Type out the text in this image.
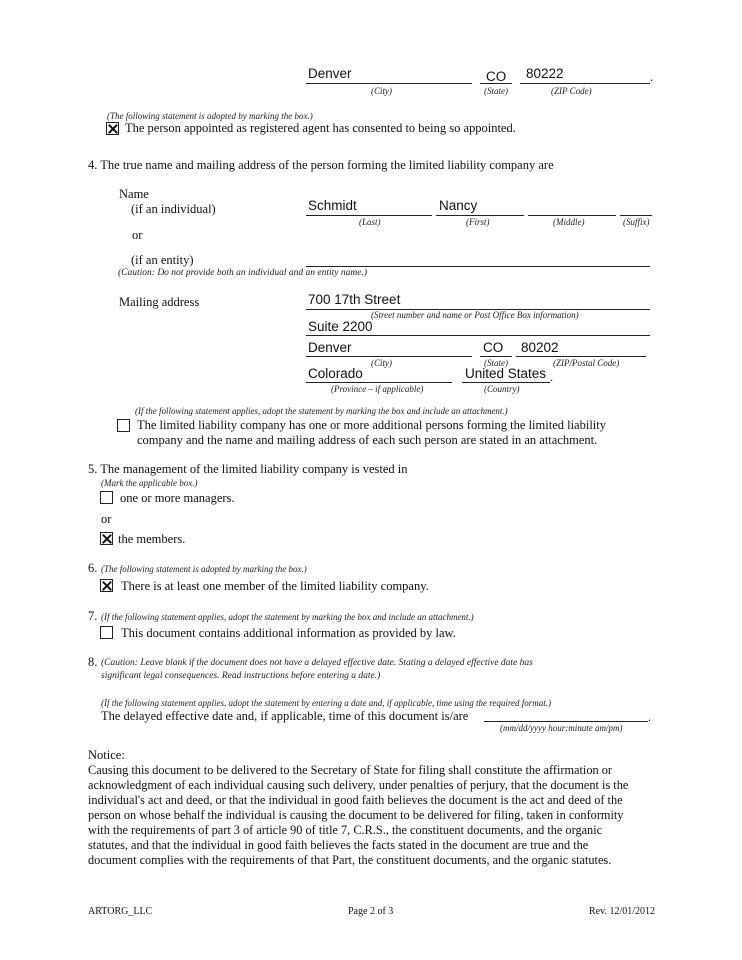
Denver	CO 80222	.
(City)	(State)	(ZIP Code)
(The following statement is adopted by marking the box.)
The person appointed as registered agent has consented to being so appointed.
4. The true name and mailing address of the person forming the limited liability company are
Name
(if an individual)	Schmidt	Nancy
(Last)	(First)	(Middle)	(Suffix)
or
(if an entity)
(Caution: Do not provide both an individual and an entity name.)
Mailing address	700 17th Street
(Street number and name or Post Office Box information)
Suite 2200
Denver	CO 80202
(City)	(State)	(ZIP/Postal Code)
Colorado	United States .
(Province – if applicable)	(Country)
(If the following statement applies, adopt the statement by marking the box and include an attachment.)
The limited liability company has one or more additional persons forming the limited liability
company and the name and mailing address of each such person are stated in an attachment.
5. The management of the limited liability company is vested in
(Mark the applicable box.)
one or more managers.
or
the members.
6. (The following statement is adopted by marking the box.)
There is at least one member of the limited liability company.
7. (If the following statement applies, adopt the statement by marking the box and include an attachment.)
This document contains additional information as provided by law.
8. (Caution: Leave blank if the document does not have a delayed effective date. Stating a delayed effective date has
significant legal consequences. Read instructions before entering a date.)
(If the following statement applies, adopt the statement by entering a date and, if applicable, time using the required format.)
The delayed effective date and, if applicable, time of this document is/are	.
(mm/dd/yyyy hour:minute am/pm)
Notice:

Causing this document to be delivered to the Secretary of State for filing shall constitute the affirmation or

acknowledgment of each individual causing such delivery, under penalties of perjury, that the document is the

individual's act and deed, or that the individual in good faith believes the document is the act and deed of the

person on whose behalf the individual is causing the document to be delivered for filing, taken in conformity

with the requirements of part 3 of article 90 of title 7, C.R.S., the constituent documents, and the organic

statutes, and that the individual in good faith believes the facts stated in the document are true and the

document complies with the requirements of that Part, the constituent documents, and the organic statutes.

ARTORG_LLC	Page 2 of 3	Rev. 12/01/2012
